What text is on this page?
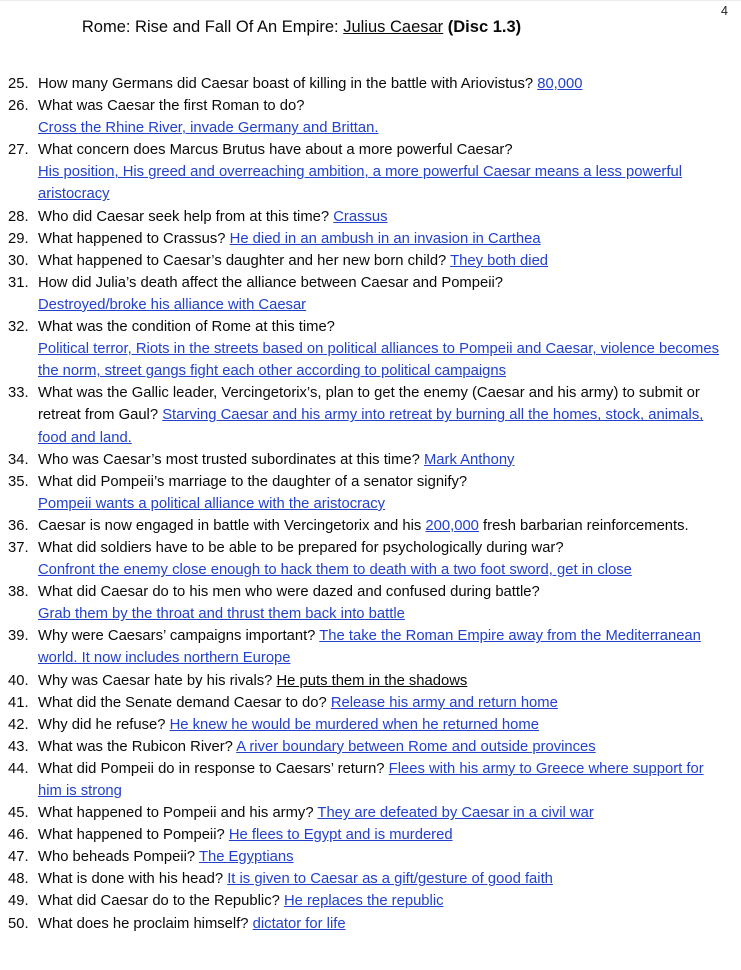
4
Rome: Rise and Fall Of An Empire: Julius Caesar (Disc 1.3)
25. How many Germans did Caesar boast of killing in the battle with Ariovistus? 80,000
26. What was Caesar the first Roman to do?
Cross the Rhine River, invade Germany and Brittan.
27. What concern does Marcus Brutus have about a more powerful Caesar?
His position, His greed and overreaching ambition, a more powerful Caesar means a less powerful aristocracy
28. Who did Caesar seek help from at this time? Crassus
29. What happened to Crassus? He died in an ambush in an invasion in Carthea
30. What happened to Caesar’s daughter and her new born child? They both died
31. How did Julia’s death affect the alliance between Caesar and Pompeii?
Destroyed/broke his alliance with Caesar
32. What was the condition of Rome at this time?
Political terror, Riots in the streets based on political alliances to Pompeii and Caesar, violence becomes the norm, street gangs fight each other according to political campaigns
33. What was the Gallic leader, Vercingetorix’s, plan to get the enemy (Caesar and his army) to submit or retreat from Gaul? Starving Caesar and his army into retreat by burning all the homes, stock, animals, food and land.
34. Who was Caesar’s most trusted subordinates at this time? Mark Anthony
35. What did Pompeii’s marriage to the daughter of a senator signify?
Pompeii wants a political alliance with the aristocracy
36. Caesar is now engaged in battle with Vercingetorix and his 200,000 fresh barbarian reinforcements.
37. What did soldiers have to be able to be prepared for psychologically during war?
Confront the enemy close enough to hack them to death with a two foot sword, get in close
38. What did Caesar do to his men who were dazed and confused during battle?
Grab them by the throat and thrust them back into battle
39. Why were Caesars’ campaigns important? The take the Roman Empire away from the Mediterranean world. It now includes northern Europe
40. Why was Caesar hate by his rivals? He puts them in the shadows
41. What did the Senate demand Caesar to do? Release his army and return home
42. Why did he refuse? He knew he would be murdered when he returned home
43. What was the Rubicon River? A river boundary between Rome and outside provinces
44. What did Pompeii do in response to Caesars’ return? Flees with his army to Greece where support for him is strong
45. What happened to Pompeii and his army? They are defeated by Caesar in a civil war
46. What happened to Pompeii? He flees to Egypt and is murdered
47. Who beheads Pompeii? The Egyptians
48. What is done with his head? It is given to Caesar as a gift/gesture of good faith
49. What did Caesar do to the Republic? He replaces the republic
50. What does he proclaim himself? dictator for life
